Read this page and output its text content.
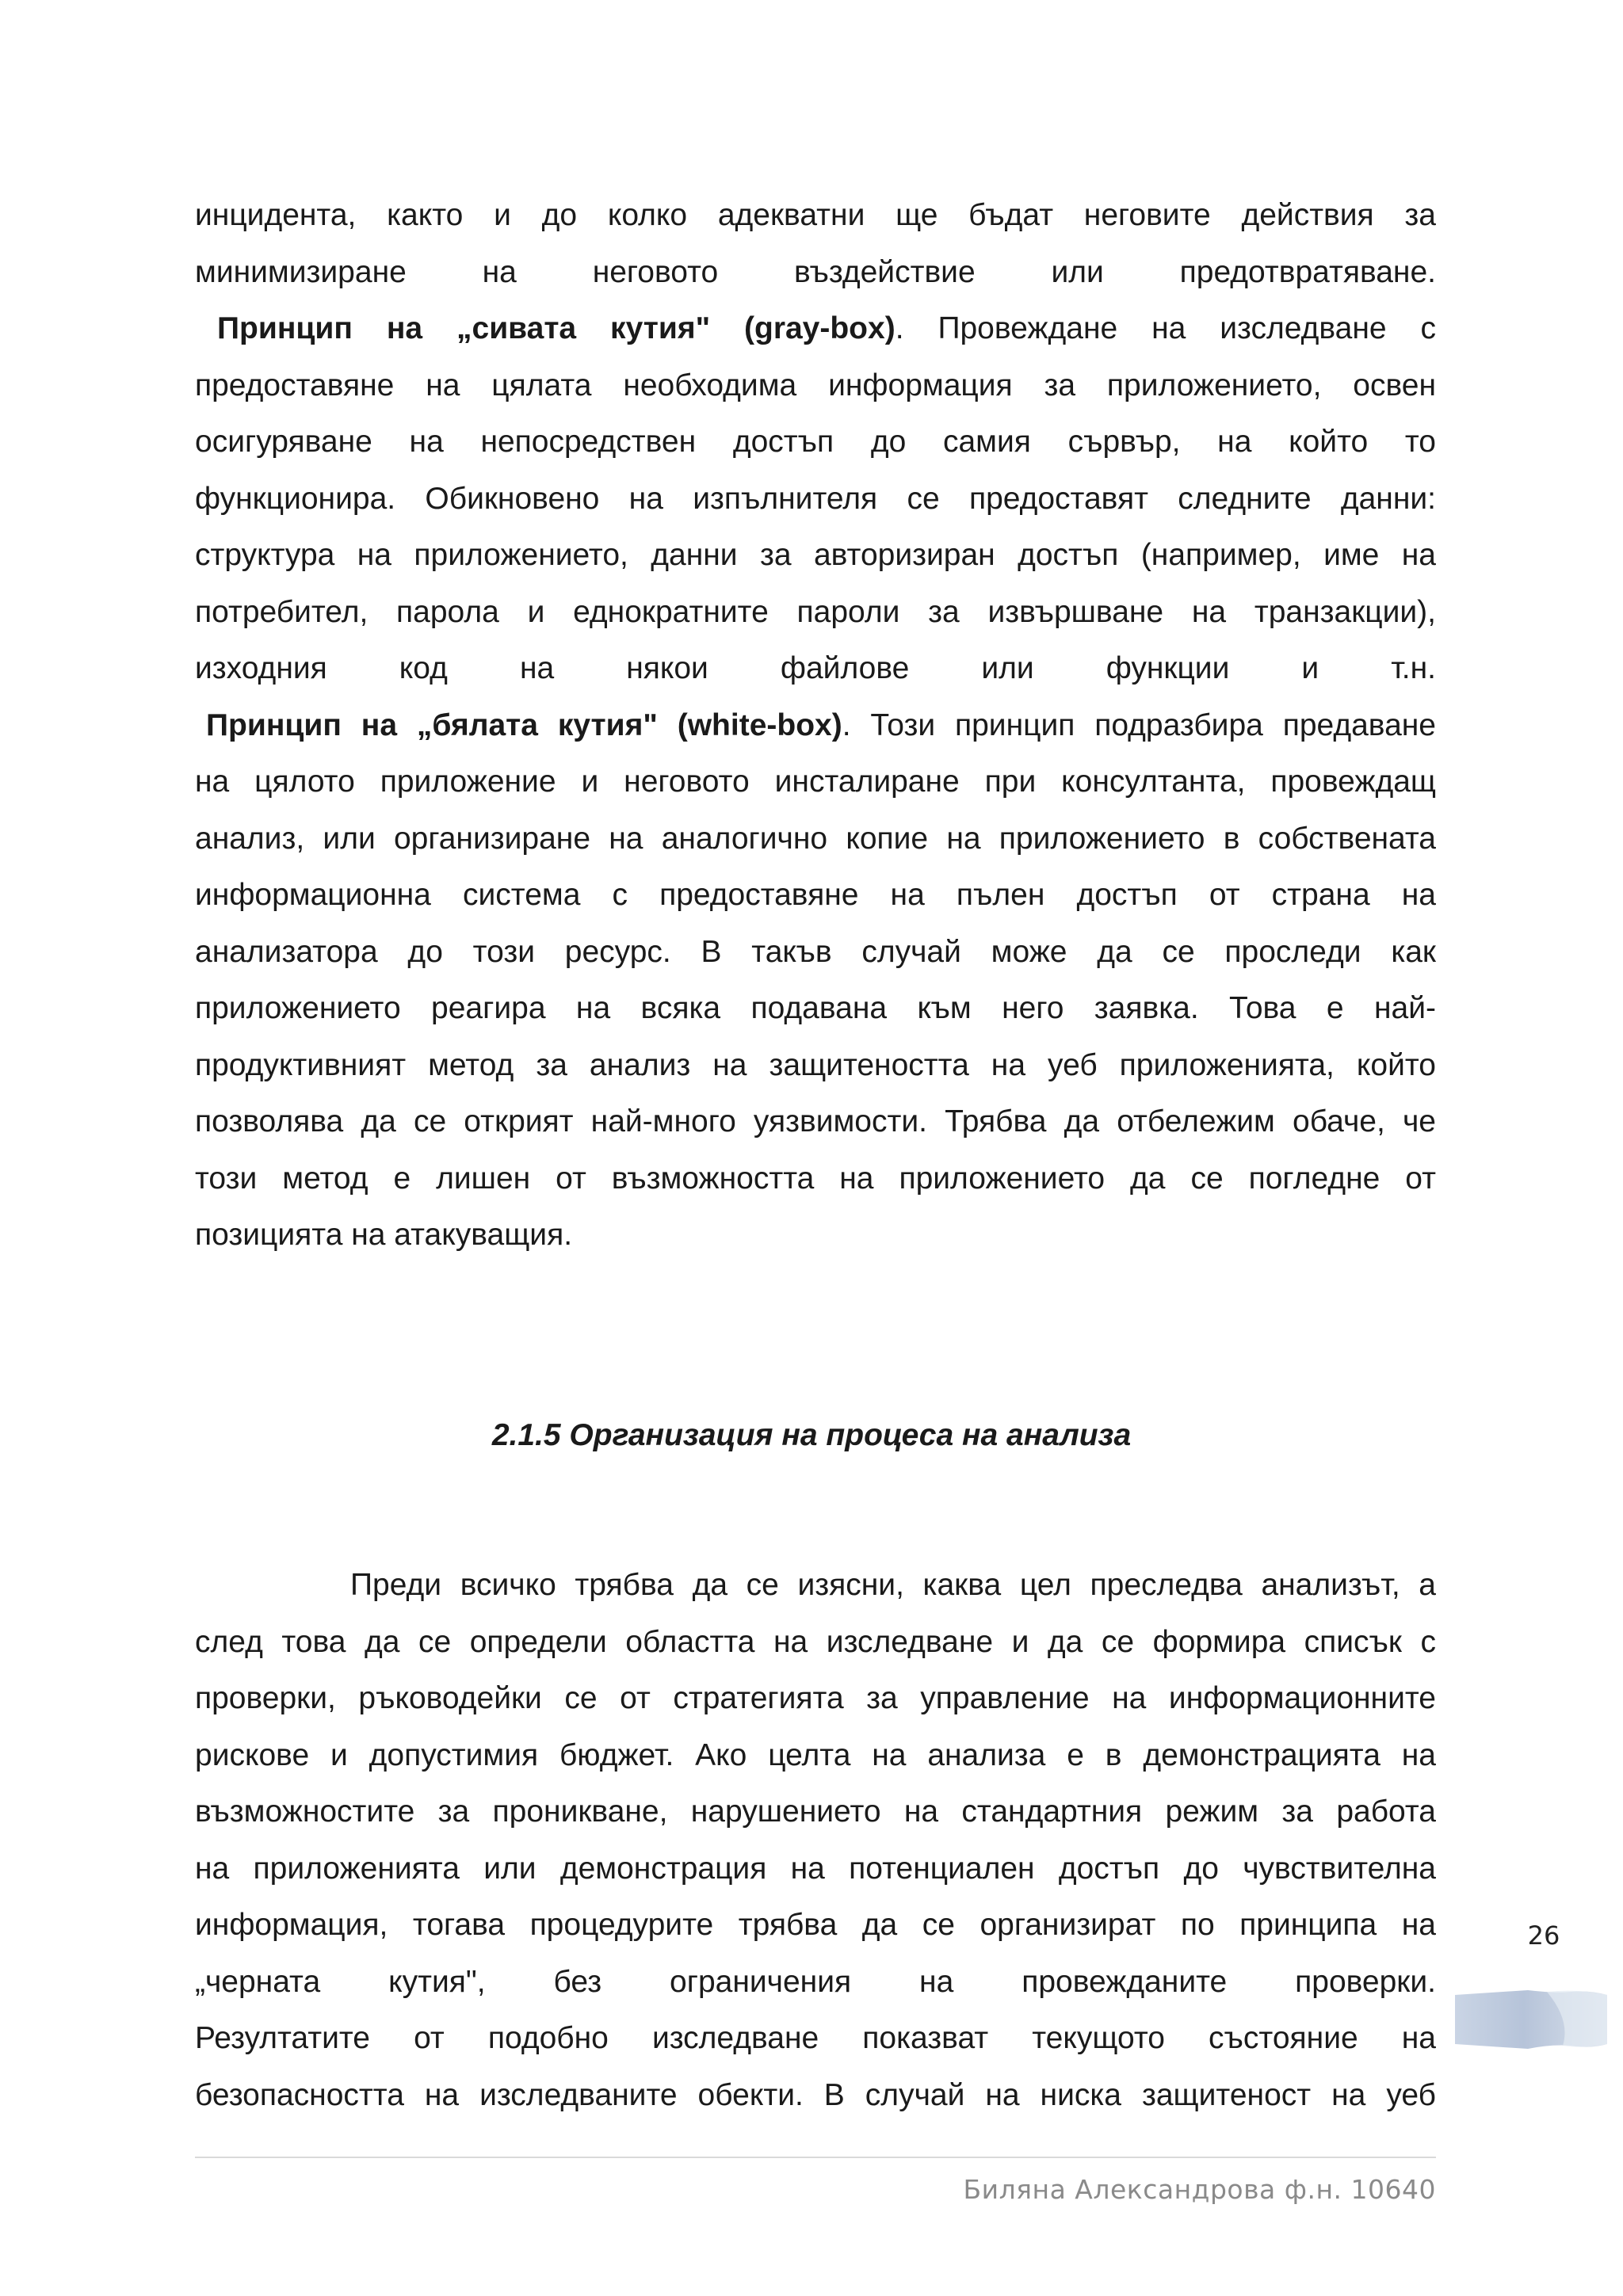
инцидента, както и до колко адекватни ще бъдат неговите действия за
минимизиране на неговото въздействие или предотвратяване.
Принцип на „сивата кутия" (gray-box). Провеждане на изследване с
предоставяне на цялата необходима информация за приложението, освен
осигуряване на непосредствен достъп до самия сървър, на който то
функционира. Обикновено на изпълнителя се предоставят следните данни:
структура на приложението, данни за авторизиран достъп (например, име на
потребител, парола и еднократните пароли за извършване на транзакции),
изходния код на някои файлове или функции и т.н.
Принцип на „бялата кутия" (white-box). Този принцип подразбира предаване
на цялото приложение и неговото инсталиране при консултанта, провеждащ
анализ, или организиране на аналогично копие на приложението в собствената
информационна система с предоставяне на пълен достъп от страна на
анализатора до този ресурс. В такъв случай може да се проследи как
приложението реагира на всяка подавана към него заявка. Това е най-
продуктивният метод за анализ на защитеността на уеб приложенията, който
позволява да се открият най-много уязвимости. Трябва да отбележим обаче, че
този метод е лишен от възможността на приложението да се погледне от
позицията на атакуващия.
2.1.5 Организация на процеса на анализа
Преди всичко трябва да се изясни, каква цел преследва анализът, а
след това да се определи областта на изследване и да се формира списък с
проверки, ръководейки се от стратегията за управление на информационните
рискове и допустимия бюджет. Ако целта на анализа е в демонстрацията на
възможностите за проникване, нарушението на стандартния режим за работа
на приложенията или демонстрация на потенциален достъп до чувствителна
информация, тогава процедурите трябва да се организират по принципа на
„черната кутия", без ограничения на провежданите проверки.
Резултатите от подобно изследване показват текущото състояние на
безопасността на изследваните обекти. В случай на ниска защитеност на уеб
26
Биляна Александрова ф.н. 10640
